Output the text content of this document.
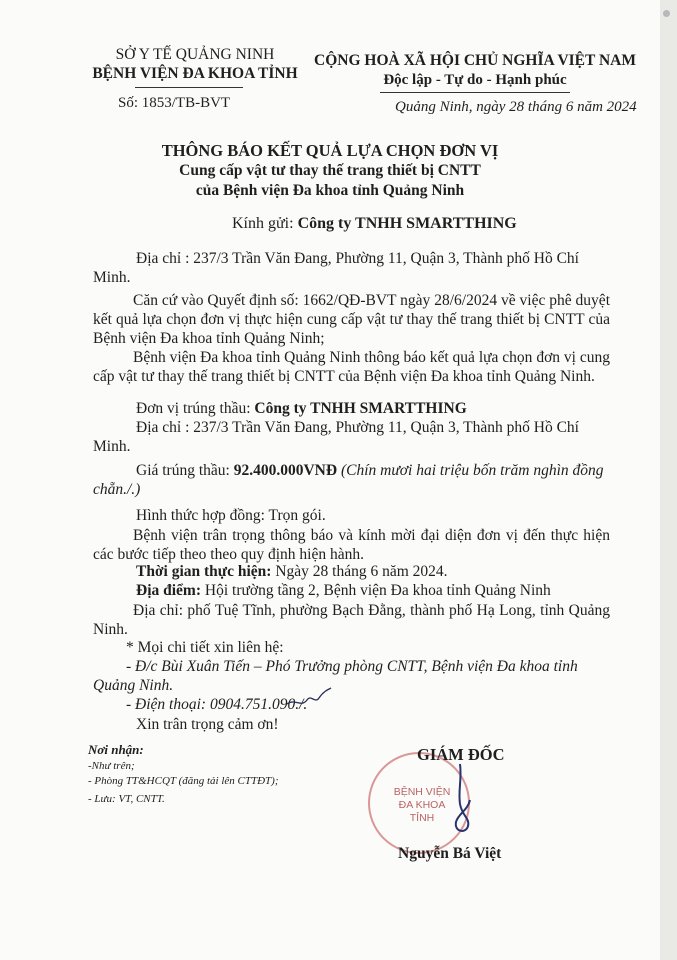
SỞ Y TẾ QUẢNG NINH
BỆNH VIỆN ĐA KHOA TỈNH
CỘNG HOÀ XÃ HỘI CHỦ NGHĨA VIỆT NAM
Độc lập - Tự do - Hạnh phúc
Số: 1853/TB-BVT	Quảng Ninh, ngày 28 tháng 6 năm 2024
THÔNG BÁO KẾT QUẢ LỰA CHỌN ĐƠN VỊ
Cung cấp vật tư thay thế trang thiết bị CNTT
của Bệnh viện Đa khoa tỉnh Quảng Ninh
Kính gửi: Công ty TNHH SMARTTHING
Địa chỉ : 237/3 Trần Văn Đang, Phường 11, Quận 3, Thành phố Hồ Chí
Minh.
Căn cứ vào Quyết định số: 1662/QĐ-BVT ngày 28/6/2024 về việc phê duyệt kết quả lựa chọn đơn vị thực hiện cung cấp vật tư thay thế trang thiết bị CNTT của Bệnh viện Đa khoa tỉnh Quảng Ninh;
Bệnh viện Đa khoa tỉnh Quảng Ninh thông báo kết quả lựa chọn đơn vị cung cấp vật tư thay thế trang thiết bị CNTT của Bệnh viện Đa khoa tỉnh Quảng Ninh.
Đơn vị trúng thầu: Công ty TNHH SMARTTHING
Địa chỉ : 237/3 Trần Văn Đang, Phường 11, Quận 3, Thành phố Hồ Chí
Minh.
Giá trúng thầu: 92.400.000VNĐ (Chín mươi hai triệu bốn trăm nghìn đồng
chẵn./.)
Hình thức hợp đồng: Trọn gói.
Bệnh viện trân trọng thông báo và kính mời đại diện đơn vị đến thực hiện các bước tiếp theo theo quy định hiện hành.
Thời gian thực hiện: Ngày 28 tháng 6 năm 2024.
Địa điểm: Hội trường tầng 2, Bệnh viện Đa khoa tỉnh Quảng Ninh
Địa chỉ: phố Tuệ Tĩnh, phường Bạch Đằng, thành phố Hạ Long, tỉnh Quảng Ninh.
* Mọi chi tiết xin liên hệ:
- Đ/c Bùi Xuân Tiến – Phó Trưởng phòng CNTT, Bệnh viện Đa khoa tỉnh
Quảng Ninh.
- Điện thoại: 0904.751.090./.
Xin trân trọng cảm ơn!
Nơi nhận:
-Như trên;
- Phòng TT&HCQT (đăng tải lên CTTĐT);
- Lưu: VT, CNTT.
BỆNH VIỆN
ĐA KHOA TỈNH
GIÁM ĐỐC
Nguyễn Bá Việt
